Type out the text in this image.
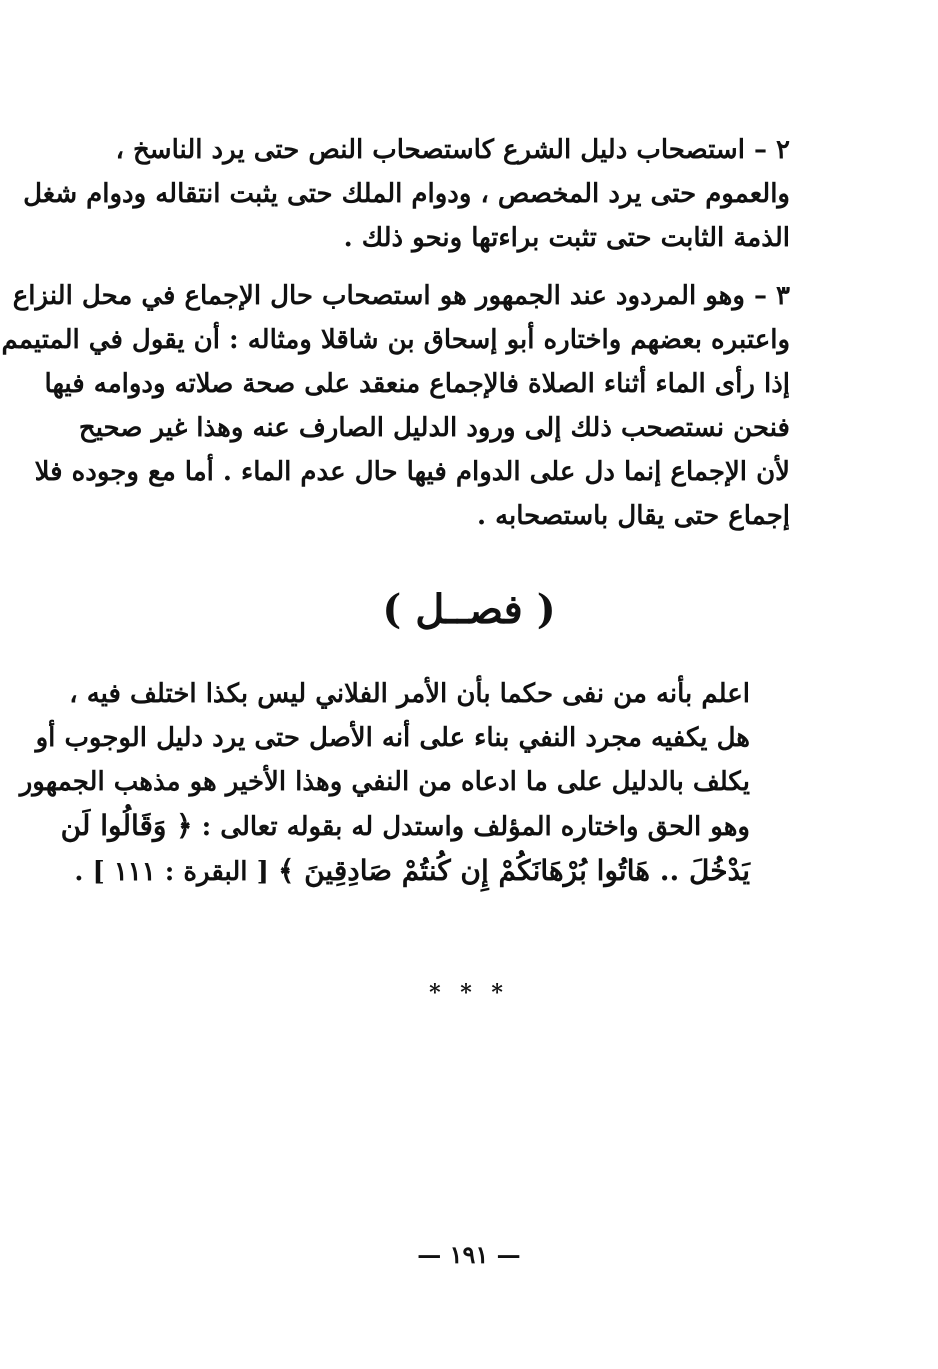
٢ – استصحاب دليل الشرع كاستصحاب النص حتى يرد الناسخ ،
والعموم حتى يرد المخصص ، ودوام الملك حتى يثبت انتقاله ودوام شغل
الذمة الثابت حتى تثبت براءتها ونحو ذلك .
٣ – وهو المردود عند الجمهور هو استصحاب حال الإجماع في محل النزاع
واعتبره بعضهم واختاره أبو إسحاق بن شاقلا ومثاله : أن يقول في المتيمم
إذا رأى الماء أثناء الصلاة فالإجماع منعقد على صحة صلاته ودوامه فيها
فنحن نستصحب ذلك إلى ورود الدليل الصارف عنه وهذا غير صحيح
لأن الإجماع إنما دل على الدوام فيها حال عدم الماء . أما مع وجوده فلا
إجماع حتى يقال باستصحابه .
( فصــل )
اعلم بأنه من نفى حكما بأن الأمر الفلاني ليس بكذا اختلف فيه ،
هل يكفيه مجرد النفي بناء على أنه الأصل حتى يرد دليل الوجوب أو
يكلف بالدليل على ما ادعاه من النفي وهذا الأخير هو مذهب الجمهور
وهو الحق واختاره المؤلف واستدل له بقوله تعالى : ﴿ وَقَالُوا لَن
يَدْخُلَ .. هَاتُوا بُرْهَانَكُمْ إِن كُنتُمْ صَادِقِينَ ﴾ [ البقرة : ١١١ ] .
* * *
— ١٩١ —
